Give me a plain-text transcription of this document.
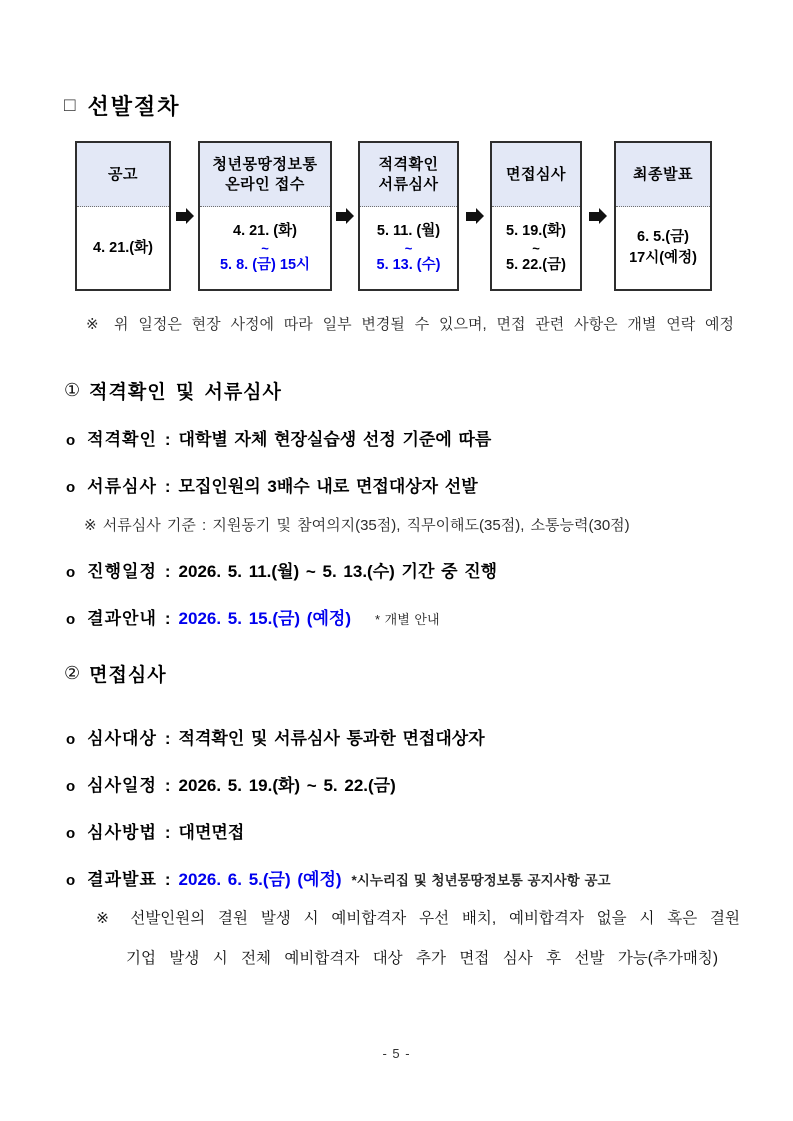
□ 선발절차
공고
4. 21.(화)
청년몽땅정보통
온라인 접수
4. 21. (화)
~
5. 8. (금) 15시
적격확인
서류심사
5. 11. (월)
~
5. 13. (수)
면접심사
5. 19.(화)
~
5. 22.(금)
최종발표
6. 5.(금)
17시(예정)
※ 위 일정은 현장 사정에 따라 일부 변경될 수 있으며, 면접 관련 사항은 개별 연락 예정
① 적격확인 및 서류심사
o 적격확인 : 대학별 자체 현장실습생 선정 기준에 따름
o 서류심사 : 모집인원의 3배수 내로 면접대상자 선발
※ 서류심사 기준 : 지원동기 및 참여의지(35점), 직무이해도(35점), 소통능력(30점)
o 진행일정 : 2026. 5. 11.(월) ~ 5. 13.(수) 기간 중 진행
o 결과안내 : 2026. 5. 15.(금) (예정) * 개별 안내
② 면접심사
o 심사대상 : 적격확인 및 서류심사 통과한 면접대상자
o 심사일정 : 2026. 5. 19.(화) ~ 5. 22.(금)
o 심사방법 : 대면면접
o 결과발표 : 2026. 6. 5.(금) (예정) *시누리집 및 청년몽땅정보통 공지사항 공고
※ 선발인원의 결원 발생 시 예비합격자 우선 배치, 예비합격자 없을 시 혹은 결원
기업 발생 시 전체 예비합격자 대상 추가 면접 심사 후 선발 가능(추가매칭)
- 5 -
